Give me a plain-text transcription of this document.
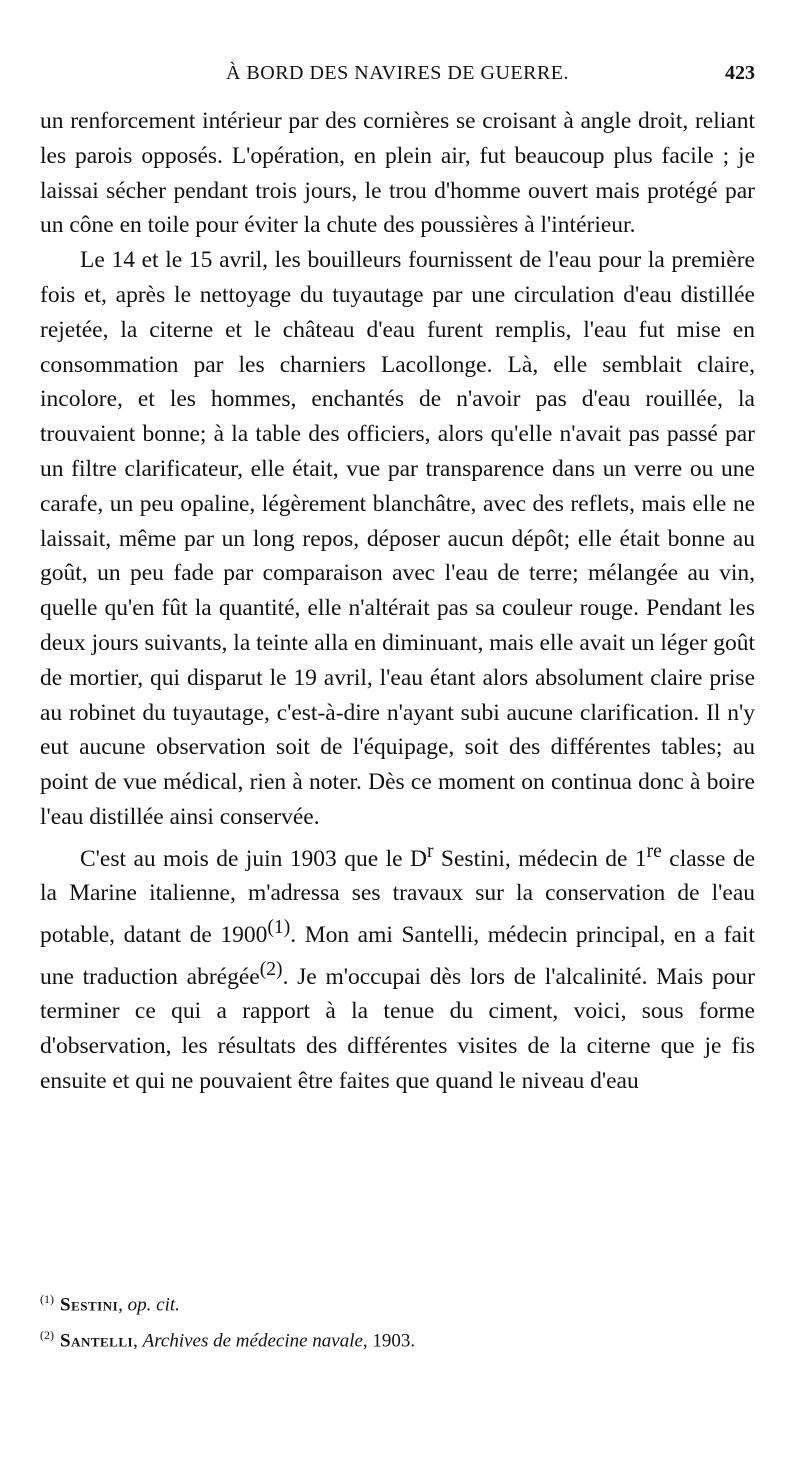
À BORD DES NAVIRES DE GUERRE.	423

un renforcement intérieur par des cornières se croisant à angle droit, reliant les parois opposés. L'opération, en plein air, fut beaucoup plus facile ; je laissai sécher pendant trois jours, le trou d'homme ouvert mais protégé par un cône en toile pour éviter la chute des poussières à l'intérieur.

Le 14 et le 15 avril, les bouilleurs fournissent de l'eau pour la première fois et, après le nettoyage du tuyautage par une circulation d'eau distillée rejetée, la citerne et le château d'eau furent remplis, l'eau fut mise en consommation par les charniers Lacollonge. Là, elle semblait claire, incolore, et les hommes, enchantés de n'avoir pas d'eau rouillée, la trouvaient bonne; à la table des officiers, alors qu'elle n'avait pas passé par un filtre clarificateur, elle était, vue par transparence dans un verre ou une carafe, un peu opaline, légèrement blanchâtre, avec des reflets, mais elle ne laissait, même par un long repos, déposer aucun dépôt; elle était bonne au goût, un peu fade par comparaison avec l'eau de terre; mélangée au vin, quelle qu'en fût la quantité, elle n'altérait pas sa couleur rouge. Pendant les deux jours suivants, la teinte alla en diminuant, mais elle avait un léger goût de mortier, qui disparut le 19 avril, l'eau étant alors absolument claire prise au robinet du tuyautage, c'est-à-dire n'ayant subi aucune clarification. Il n'y eut aucune observation soit de l'équipage, soit des différentes tables; au point de vue médical, rien à noter. Dès ce moment on continua donc à boire l'eau distillée ainsi conservée.

C'est au mois de juin 1903 que le $D^r$ Sestini, médecin de 1re classe de la Marine italienne, m'adressa ses travaux sur la conservation de l'eau potable, datant de 1900$^{(1)}$. Mon ami Santelli, médecin principal, en a fait une traduction abrégée$^{(2)}$. Je m'occupai dès lors de l'alcalinité. Mais pour terminer ce qui a rapport à la tenue du ciment, voici, sous forme d'observation, les résultats des différentes visites de la citerne que je fis ensuite et qui ne pouvaient être faites que quand le niveau d'eau

$^{(1)}$ Sestini, op. cit.

$^{(2)}$ Santelli, Archives de médecine navale, 1903.
